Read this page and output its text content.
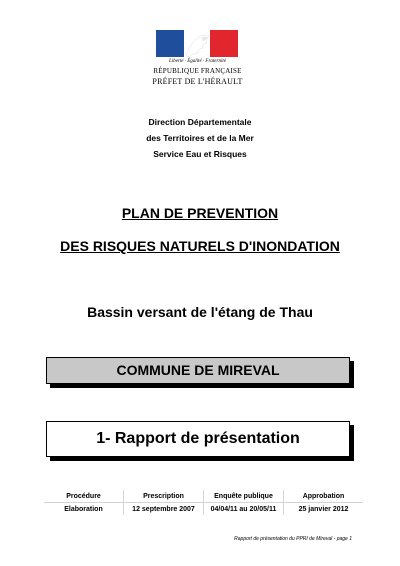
Liberté · Égalité · Fraternité
RÉPUBLIQUE FRANÇAISE
PRÉFET DE L'HÉRAULT
Direction Départementale
des Territoires et de la Mer
Service Eau et Risques
PLAN DE PREVENTION
DES RISQUES NATURELS D'INONDATION
Bassin versant de l'étang de Thau
COMMUNE DE MIREVAL
1- Rapport de présentation
Procédure	Prescription	Enquête publique	Approbation
Elaboration	12 septembre 2007	04/04/11 au 20/05/11	25 janvier 2012
Rapport de présentation du PPRI de Mireval - page 1
